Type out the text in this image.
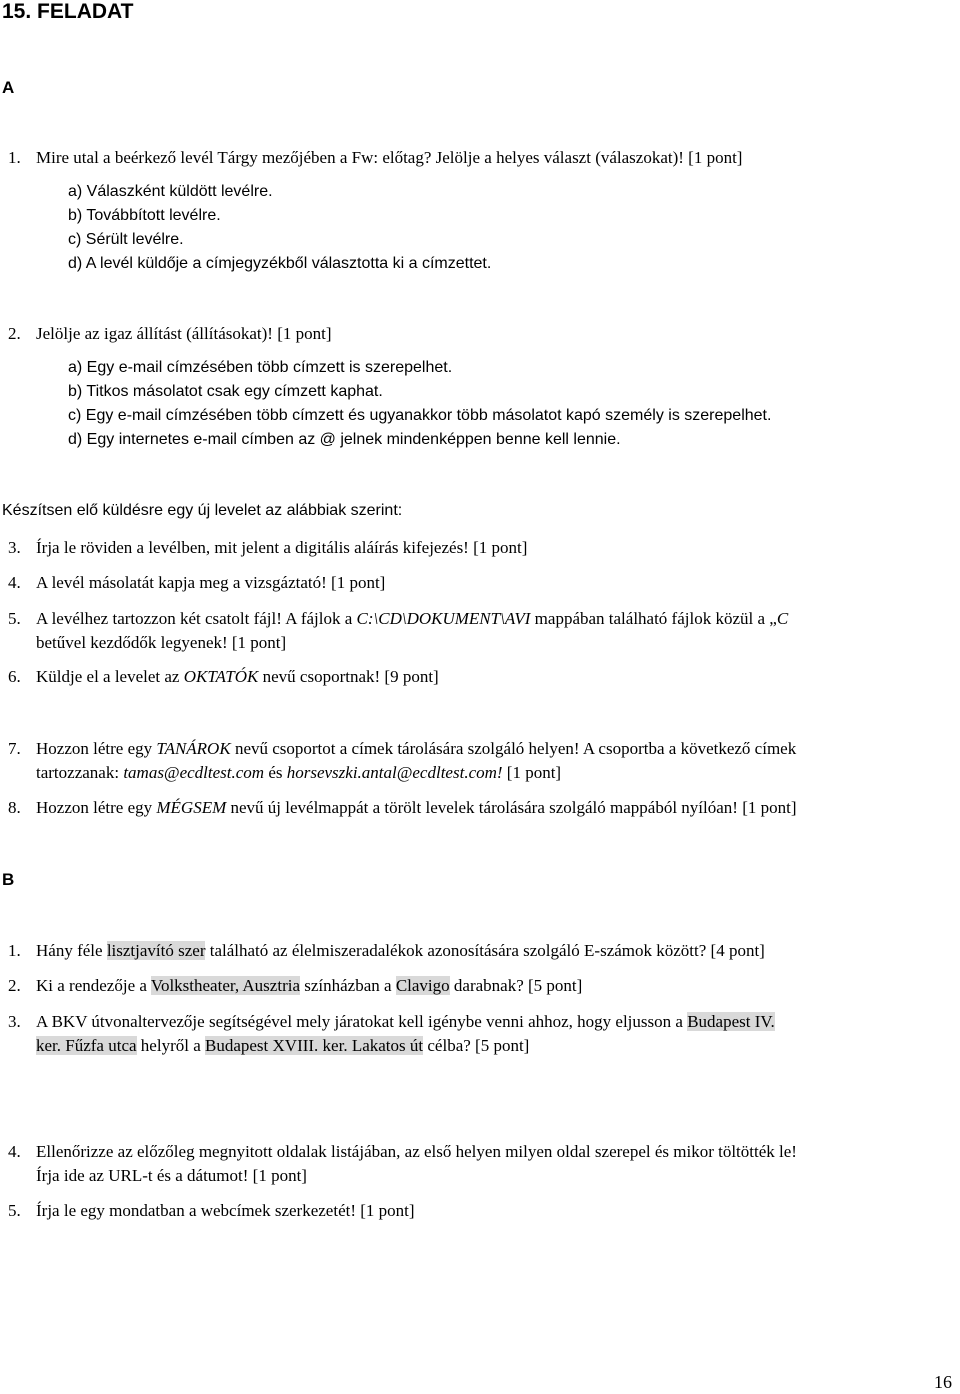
15. FELADAT
A
1. Mire utal a beérkező levél Tárgy mezőjében a Fw: előtag? Jelölje a helyes választ (válaszokat)! [1 pont]
a) Válaszként küldött levélre.
b) Továbbított levélre.
c) Sérült levélre.
d) A levél küldője a címjegyzékből választotta ki a címzettet.
2. Jelölje az igaz állítást (állításokat)! [1 pont]
a) Egy e-mail címzésében több címzett is szerepelhet.
b) Titkos másolatot csak egy címzett kaphat.
c) Egy e-mail címzésében több címzett és ugyanakkor több másolatot kapó személy is szerepelhet.
d) Egy internetes e-mail címben az @ jelnek mindenképpen benne kell lennie.
Készítsen elő küldésre egy új levelet az alábbiak szerint:
3. Írja le röviden a levélben, mit jelent a digitális aláírás kifejezés! [1 pont]
4. A levél másolatát kapja meg a vizsgáztató! [1 pont]
5. A levélhez tartozzon két csatolt fájl! A fájlok a C:\CD\DOKUMENT\AVI mappában található fájlok közül a „C
betűvel kezdődők legyenek! [1 pont]
6. Küldje el a levelet az OKTATÓK nevű csoportnak! [9 pont]
7. Hozzon létre egy TANÁROK nevű csoportot a címek tárolására szolgáló helyen! A csoportba a következő címek
tartozzanak: tamas@ecdltest.com és horsevszki.antal@ecdltest.com! [1 pont]
8. Hozzon létre egy MÉGSEM nevű új levélmappát a törölt levelek tárolására szolgáló mappából nyílóan! [1 pont]
B
1. Hány féle lisztjavító szer található az élelmiszeradalékok azonosítására szolgáló E-számok között? [4 pont]
2. Ki a rendezője a Volkstheater, Ausztria színházban a Clavigo darabnak? [5 pont]
3. A BKV útvonaltervezője segítségével mely járatokat kell igénybe venni ahhoz, hogy eljusson a Budapest IV.
ker. Fűzfa utca helyről a Budapest XVIII. ker. Lakatos út célba? [5 pont]
4. Ellenőrizze az előzőleg megnyitott oldalak listájában, az első helyen milyen oldal szerepel és mikor töltötték le!
Írja ide az URL-t és a dátumot! [1 pont]
5. Írja le egy mondatban a webcímek szerkezetét! [1 pont]
16
